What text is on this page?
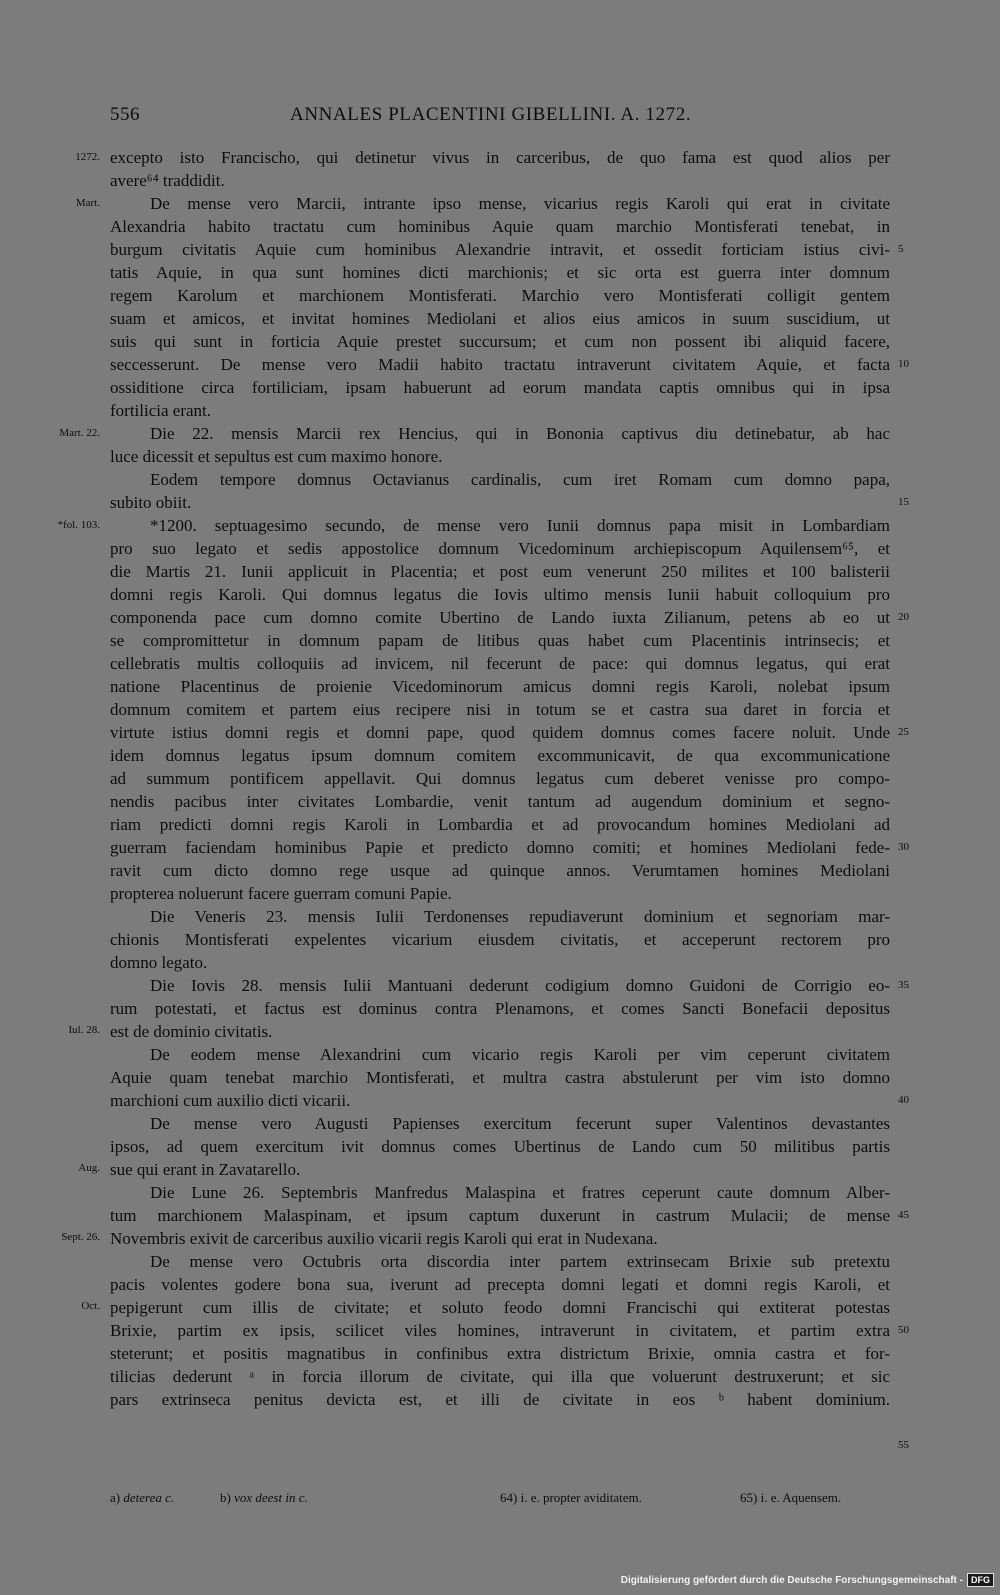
556	ANNALES PLACENTINI GIBELLINI. A. 1272.
1272.
Mart.
Mart. 22.
*fol. 103.
Iul. 28.
Aug.
Sept. 26.
Oct.
5
10
15
20
25
30
35
40
45
50
55
excepto isto Francischo, qui detinetur vivus in carceribus, de quo fama est quod alios per
avere⁶⁴ traddidit.
De mense vero Marcii, intrante ipso mense, vicarius regis Karoli qui erat in civitate
Alexandria habito tractatu cum hominibus Aquie quam marchio Montisferati tenebat, in
burgum civitatis Aquie cum hominibus Alexandrie intravit, et ossedit forticiam istius civi-
tatis Aquie, in qua sunt homines dicti marchionis; et sic orta est guerra inter domnum
regem Karolum et marchionem Montisferati. Marchio vero Montisferati colligit gentem
suam et amicos, et invitat homines Mediolani et alios eius amicos in suum suscidium, ut
suis qui sunt in forticia Aquie prestet succursum; et cum non possent ibi aliquid facere,
seccesserunt. De mense vero Madii habito tractatu intraverunt civitatem Aquie, et facta
ossiditione circa fortiliciam, ipsam habuerunt ad eorum mandata captis omnibus qui in ipsa
fortilicia erant.
Die 22. mensis Marcii rex Hencius, qui in Bononia captivus diu detinebatur, ab hac
luce dicessit et sepultus est cum maximo honore.
Eodem tempore domnus Octavianus cardinalis, cum iret Romam cum domno papa,
subito obiit.
*1200. septuagesimo secundo, de mense vero Iunii domnus papa misit in Lombardiam
pro suo legato et sedis appostolice domnum Vicedominum archiepiscopum Aquilensem⁶⁵, et
die Martis 21. Iunii applicuit in Placentia; et post eum venerunt 250 milites et 100 balisterii
domni regis Karoli. Qui domnus legatus die Iovis ultimo mensis Iunii habuit colloquium pro
componenda pace cum domno comite Ubertino de Lando iuxta Zilianum, petens ab eo ut
se compromittetur in domnum papam de litibus quas habet cum Placentinis intrinsecis; et
cellebratis multis colloquiis ad invicem, nil fecerunt de pace: qui domnus legatus, qui erat
natione Placentinus de proienie Vicedominorum amicus domni regis Karoli, nolebat ipsum
domnum comitem et partem eius recipere nisi in totum se et castra sua daret in forcia et
virtute istius domni regis et domni pape, quod quidem domnus comes facere noluit. Unde
idem domnus legatus ipsum domnum comitem excommunicavit, de qua excommunicatione
ad summum pontificem appellavit. Qui domnus legatus cum deberet venisse pro compo-
nendis pacibus inter civitates Lombardie, venit tantum ad augendum dominium et segno-
riam predicti domni regis Karoli in Lombardia et ad provocandum homines Mediolani ad
guerram faciendam hominibus Papie et predicto domno comiti; et homines Mediolani fede-
ravit cum dicto domno rege usque ad quinque annos. Verumtamen homines Mediolani
propterea noluerunt facere guerram comuni Papie.
Die Veneris 23. mensis Iulii Terdonenses repudiaverunt dominium et segnoriam mar-
chionis Montisferati expelentes vicarium eiusdem civitatis, et acceperunt rectorem pro
domno legato.
Die Iovis 28. mensis Iulii Mantuani dederunt codigium domno Guidoni de Corrigio eo-
rum potestati, et factus est dominus contra Plenamons, et comes Sancti Bonefacii depositus
est de dominio civitatis.
De eodem mense Alexandrini cum vicario regis Karoli per vim ceperunt civitatem
Aquie quam tenebat marchio Montisferati, et multra castra abstulerunt per vim isto domno
marchioni cum auxilio dicti vicarii.
De mense vero Augusti Papienses exercitum fecerunt super Valentinos devastantes
ipsos, ad quem exercitum ivit domnus comes Ubertinus de Lando cum 50 militibus partis
sue qui erant in Zavatarello.
Die Lune 26. Septembris Manfredus Malaspina et fratres ceperunt caute domnum Alber-
tum marchionem Malaspinam, et ipsum captum duxerunt in castrum Mulacii; de mense
Novembris exivit de carceribus auxilio vicarii regis Karoli qui erat in Nudexana.
De mense vero Octubris orta discordia inter partem extrinsecam Brixie sub pretextu
pacis volentes godere bona sua, iverunt ad precepta domni legati et domni regis Karoli, et
pepigerunt cum illis de civitate; et soluto feodo domni Francischi qui extiterat potestas
Brixie, partim ex ipsis, scilicet viles homines, intraverunt in civitatem, et partim extra
steterunt; et positis magnatibus in confinibus extra districtum Brixie, omnia castra et for-
tilicias dederunt ᵃ in forcia illorum de civitate, qui illa que voluerunt destruxerunt; et sic
pars extrinseca penitus devicta est, et illi de civitate in eos ᵇ habent dominium.
a) deterea c.	b) vox deest in c.	64) i. e. propter aviditatem.	65) i. e. Aquensem.
Digitalisierung gefördert durch die Deutsche Forschungsgemeinschaft - DFG
